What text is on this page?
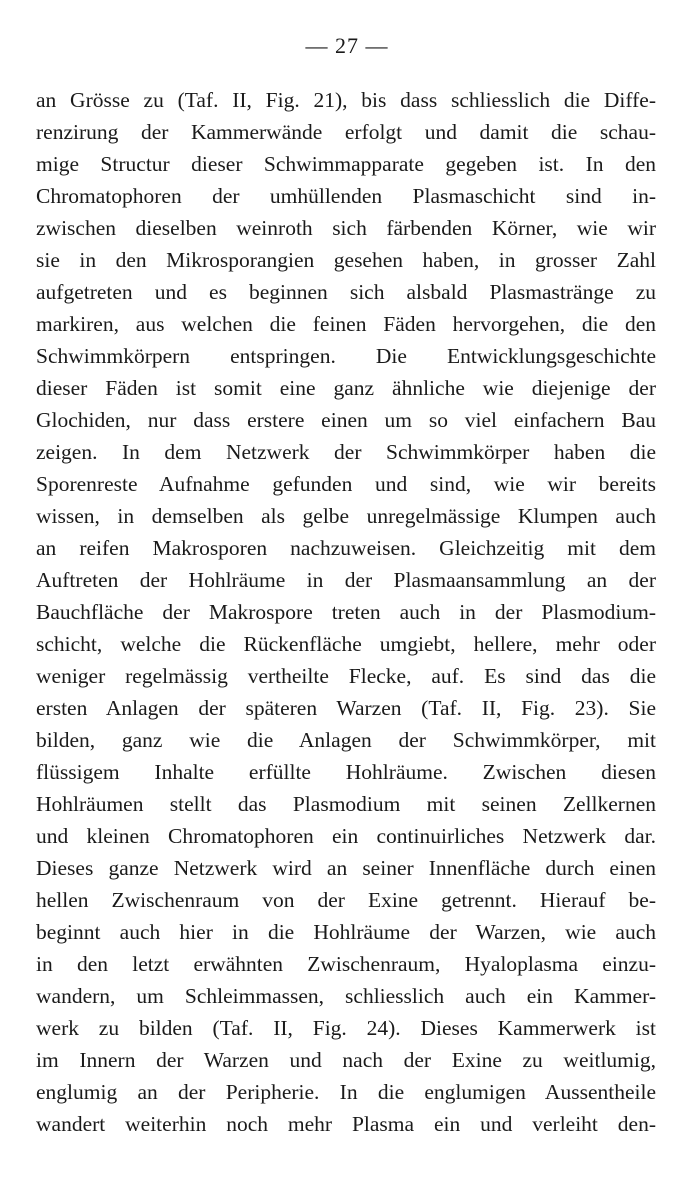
— 27 —
an Grösse zu (Taf. II, Fig. 21), bis dass schliesslich die Diffe-
renzirung der Kammerwände erfolgt und damit die schau-
mige Structur dieser Schwimmapparate gegeben ist. In den
Chromatophoren der umhüllenden Plasmaschicht sind in-
zwischen dieselben weinroth sich färbenden Körner, wie wir
sie in den Mikrosporangien gesehen haben, in grosser Zahl
aufgetreten und es beginnen sich alsbald Plasmastränge zu
markiren, aus welchen die feinen Fäden hervorgehen, die den
Schwimmkörpern entspringen. Die Entwicklungsgeschichte
dieser Fäden ist somit eine ganz ähnliche wie diejenige der
Glochiden, nur dass erstere einen um so viel einfachern Bau
zeigen. In dem Netzwerk der Schwimmkörper haben die
Sporenreste Aufnahme gefunden und sind, wie wir bereits
wissen, in demselben als gelbe unregelmässige Klumpen auch
an reifen Makrosporen nachzuweisen. Gleichzeitig mit dem
Auftreten der Hohlräume in der Plasmaansammlung an der
Bauchfläche der Makrospore treten auch in der Plasmodium-
schicht, welche die Rückenfläche umgiebt, hellere, mehr oder
weniger regelmässig vertheilte Flecke, auf. Es sind das die
ersten Anlagen der späteren Warzen (Taf. II, Fig. 23). Sie
bilden, ganz wie die Anlagen der Schwimmkörper, mit
flüssigem Inhalte erfüllte Hohlräume. Zwischen diesen
Hohlräumen stellt das Plasmodium mit seinen Zellkernen
und kleinen Chromatophoren ein continuirliches Netzwerk dar.
Dieses ganze Netzwerk wird an seiner Innenfläche durch einen
hellen Zwischenraum von der Exine getrennt. Hierauf be-
beginnt auch hier in die Hohlräume der Warzen, wie auch
in den letzt erwähnten Zwischenraum, Hyaloplasma einzu-
wandern, um Schleimmassen, schliesslich auch ein Kammer-
werk zu bilden (Taf. II, Fig. 24). Dieses Kammerwerk ist
im Innern der Warzen und nach der Exine zu weitlumig,
englumig an der Peripherie. In die englumigen Aussentheile
wandert weiterhin noch mehr Plasma ein und verleiht den-
